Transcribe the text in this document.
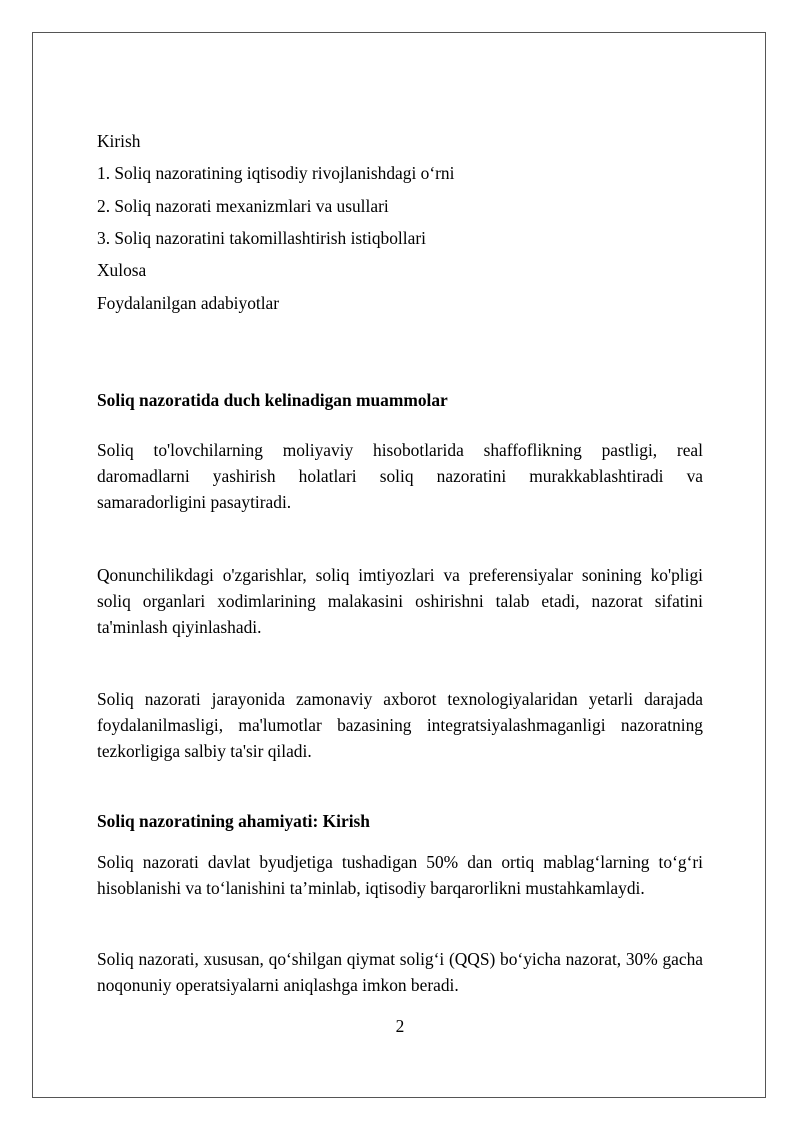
Kirish
1. Soliq nazoratining iqtisodiy rivojlanishdagi o‘rni
2. Soliq nazorati mexanizmlari va usullari
3. Soliq nazoratini takomillashtirish istiqbollari
Xulosa
Foydalanilgan adabiyotlar
Soliq nazoratida duch kelinadigan muammolar
Soliq to'lovchilarning moliyaviy hisobotlarida shaffoflikning pastligi, real daromadlarni yashirish holatlari soliq nazoratini murakkablashtiradi va samaradorligini pasaytiradi.
Qonunchilikdagi o'zgarishlar, soliq imtiyozlari va preferensiyalar sonining ko'pligi soliq organlari xodimlarining malakasini oshirishni talab etadi, nazorat sifatini ta'minlash qiyinlashadi.
Soliq nazorati jarayonida zamonaviy axborot texnologiyalaridan yetarli darajada foydalanilmasligi, ma'lumotlar bazasining integratsiyalashmaganligi nazoratning tezkorligiga salbiy ta'sir qiladi.
Soliq nazoratining ahamiyati: Kirish
Soliq nazorati davlat byudjetiga tushadigan 50% dan ortiq mablag‘larning to‘g‘ri hisoblanishi va to‘lanishini ta’minlab, iqtisodiy barqarorlikni mustahkamlaydi.
Soliq nazorati, xususan, qo‘shilgan qiymat solig‘i (QQS) bo‘yicha nazorat, 30% gacha noqonuniy operatsiyalarni aniqlashga imkon beradi.
2
